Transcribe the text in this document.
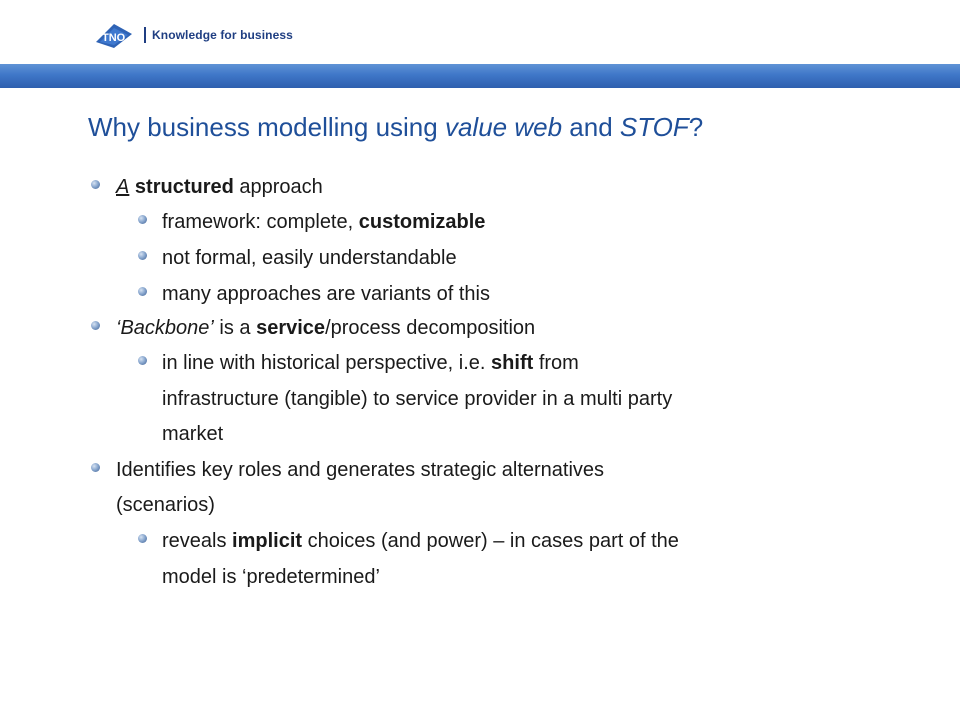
TNO Knowledge for business
Why business modelling using value web and STOF?
A structured approach
framework: complete, customizable
not formal, easily understandable
many approaches are variants of this
‘Backbone’ is a service/process decomposition
in line with historical perspective, i.e. shift from
infrastructure (tangible) to service provider in a multi party
market
Identifies key roles and generates strategic alternatives
(scenarios)
reveals implicit choices (and power) – in cases part of the
model is ‘predetermined’
